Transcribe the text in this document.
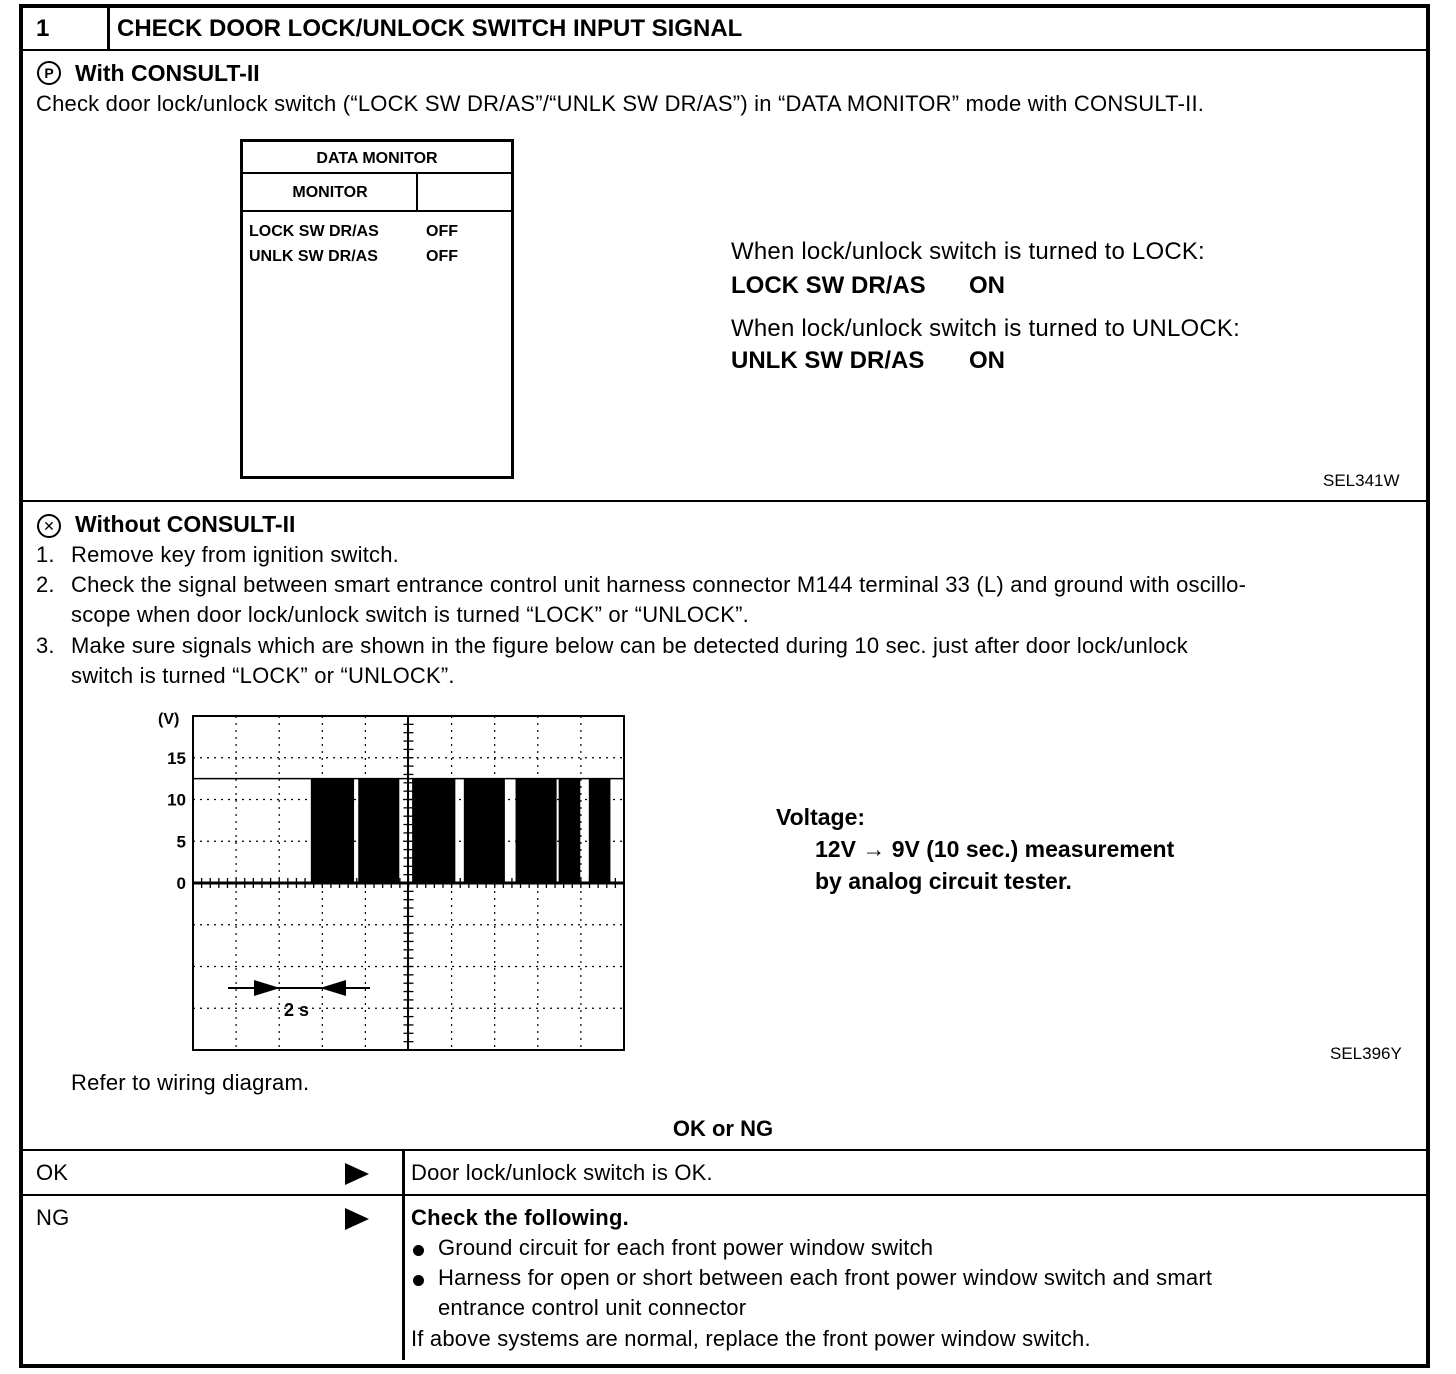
1	CHECK DOOR LOCK/UNLOCK SWITCH INPUT SIGNAL
P With CONSULT-II
Check door lock/unlock switch (“LOCK SW DR/AS”/“UNLK SW DR/AS”) in “DATA MONITOR” mode with CONSULT-II.
DATA MONITOR
MONITOR
LOCK SW DR/AS	OFF
UNLK SW DR/AS	OFF	When lock/unlock switch is turned to LOCK:
LOCK SW DR/AS ON
When lock/unlock switch is turned to UNLOCK:
UNLK SW DR/AS ON
SEL341W
✕ Without CONSULT-II
1. Remove key from ignition switch.
2. Check the signal between smart entrance control unit harness connector M144 terminal 33 (L) and ground with oscillo-
scope when door lock/unlock switch is turned “LOCK” or “UNLOCK”.
3. Make sure signals which are shown in the figure below can be detected during 10 sec. just after door lock/unlock
switch is turned “LOCK” or “UNLOCK”.
(V)
15
10
5
0
2 s
Voltage:
12V → 9V (10 sec.) measurement
by analog circuit tester.
SEL396Y
Refer to wiring diagram.
OK or NG
OK	Door lock/unlock switch is OK.
NG	Check the following.
Ground circuit for each front power window switch
Harness for open or short between each front power window switch and smart
entrance control unit connector
If above systems are normal, replace the front power window switch.
